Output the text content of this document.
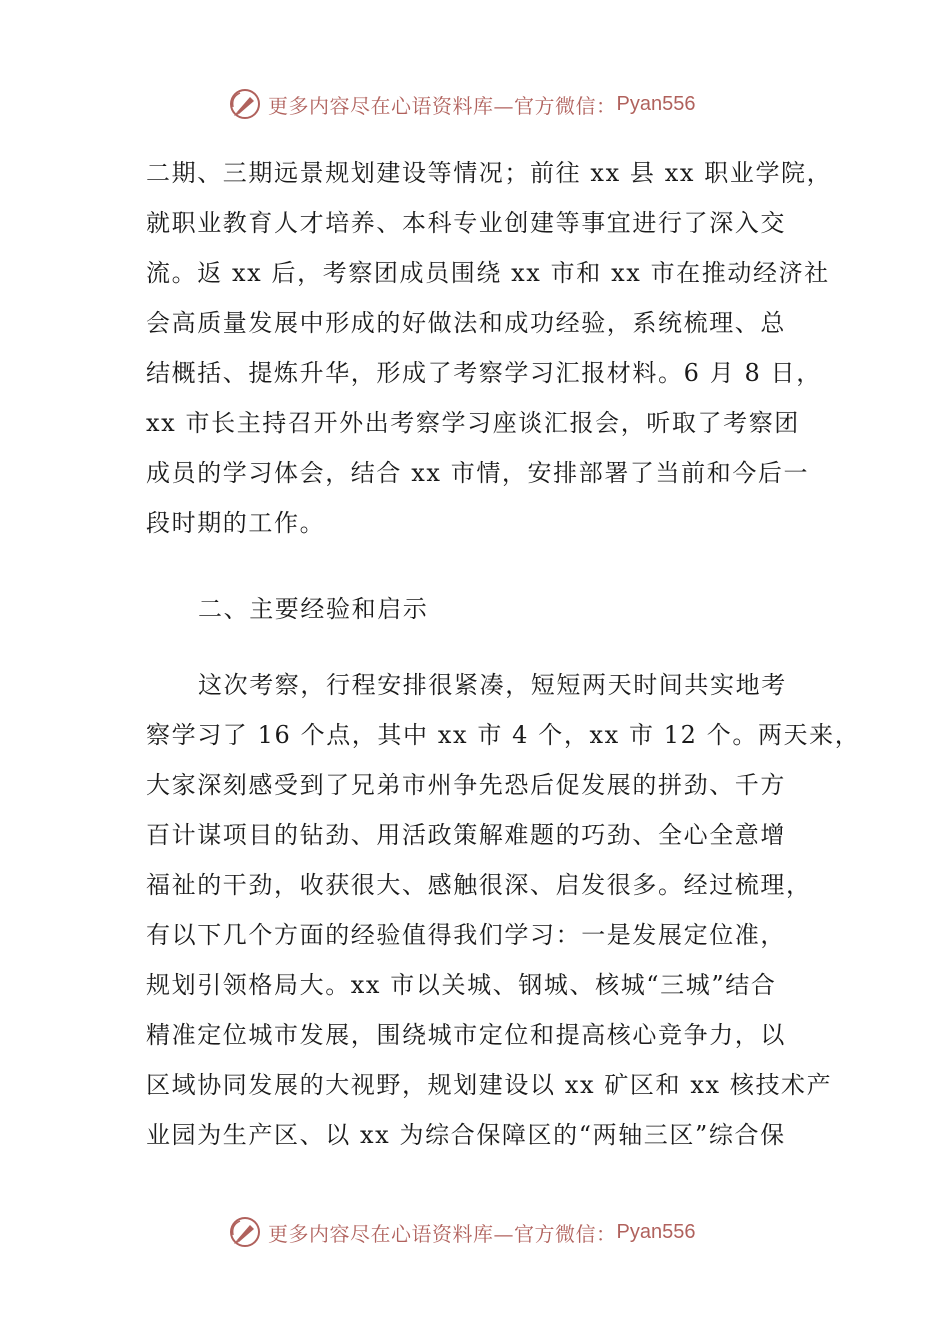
更多内容尽在心语资料库—官方微信： Pyan556
二期、三期远景规划建设等情况；前往 xx 县 xx 职业学院，
就职业教育人才培养、本科专业创建等事宜进行了深入交
流。返 xx 后，考察团成员围绕 xx 市和 xx 市在推动经济社
会高质量发展中形成的好做法和成功经验，系统梳理、总
结概括、提炼升华，形成了考察学习汇报材料。6 月 8 日，
xx 市长主持召开外出考察学习座谈汇报会，听取了考察团
成员的学习体会，结合 xx 市情，安排部署了当前和今后一
段时期的工作。
二、主要经验和启示
这次考察，行程安排很紧凑，短短两天时间共实地考
察学习了 16 个点，其中 xx 市 4 个，xx 市 12 个。两天来，
大家深刻感受到了兄弟市州争先恐后促发展的拼劲、千方
百计谋项目的钻劲、用活政策解难题的巧劲、全心全意增
福祉的干劲，收获很大、感触很深、启发很多。经过梳理，
有以下几个方面的经验值得我们学习：一是发展定位准，
规划引领格局大。xx 市以关城、钢城、核城“三城”结合
精准定位城市发展，围绕城市定位和提高核心竞争力，以
区域协同发展的大视野，规划建设以 xx 矿区和 xx 核技术产
业园为生产区、以 xx 为综合保障区的“两轴三区”综合保
更多内容尽在心语资料库—官方微信： Pyan556
